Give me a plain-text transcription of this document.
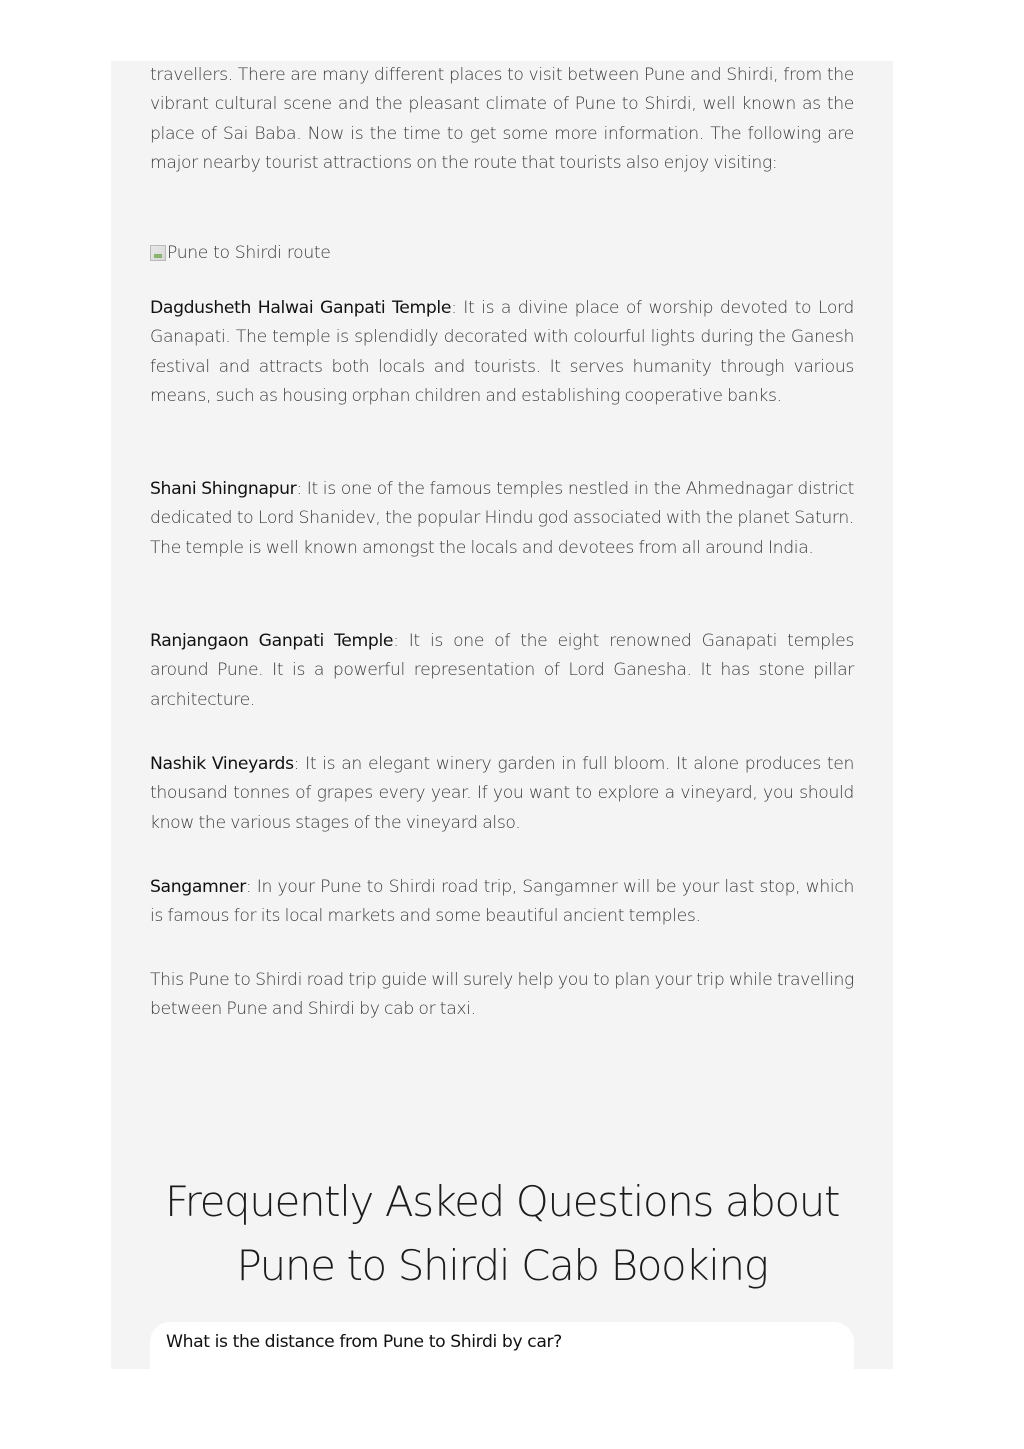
travellers. There are many different places to visit between Pune and Shirdi, from the vibrant cultural scene and the pleasant climate of Pune to Shirdi, well known as the place of Sai Baba. Now is the time to get some more information. The following are major nearby tourist attractions on the route that tourists also enjoy visiting:

Pune to Shirdi route

Dagdusheth Halwai Ganpati Temple: It is a divine place of worship devoted to Lord Ganapati. The temple is splendidly decorated with colourful lights during the Ganesh festival and attracts both locals and tourists. It serves humanity through various means, such as housing orphan children and establishing cooperative banks.

Shani Shingnapur: It is one of the famous temples nestled in the Ahmednagar district dedicated to Lord Shanidev, the popular Hindu god associated with the planet Saturn. The temple is well known amongst the locals and devotees from all around India.

Ranjangaon Ganpati Temple: It is one of the eight renowned Ganapati temples around Pune. It is a powerful representation of Lord Ganesha. It has stone pillar architecture.

Nashik Vineyards: It is an elegant winery garden in full bloom. It alone produces ten thousand tonnes of grapes every year. If you want to explore a vineyard, you should know the various stages of the vineyard also.

Sangamner: In your Pune to Shirdi road trip, Sangamner will be your last stop, which is famous for its local markets and some beautiful ancient temples.

This Pune to Shirdi road trip guide will surely help you to plan your trip while travelling between Pune and Shirdi by cab or taxi.

Frequently Asked Questions about
Pune to Shirdi Cab Booking
What is the distance from Pune to Shirdi by car?
